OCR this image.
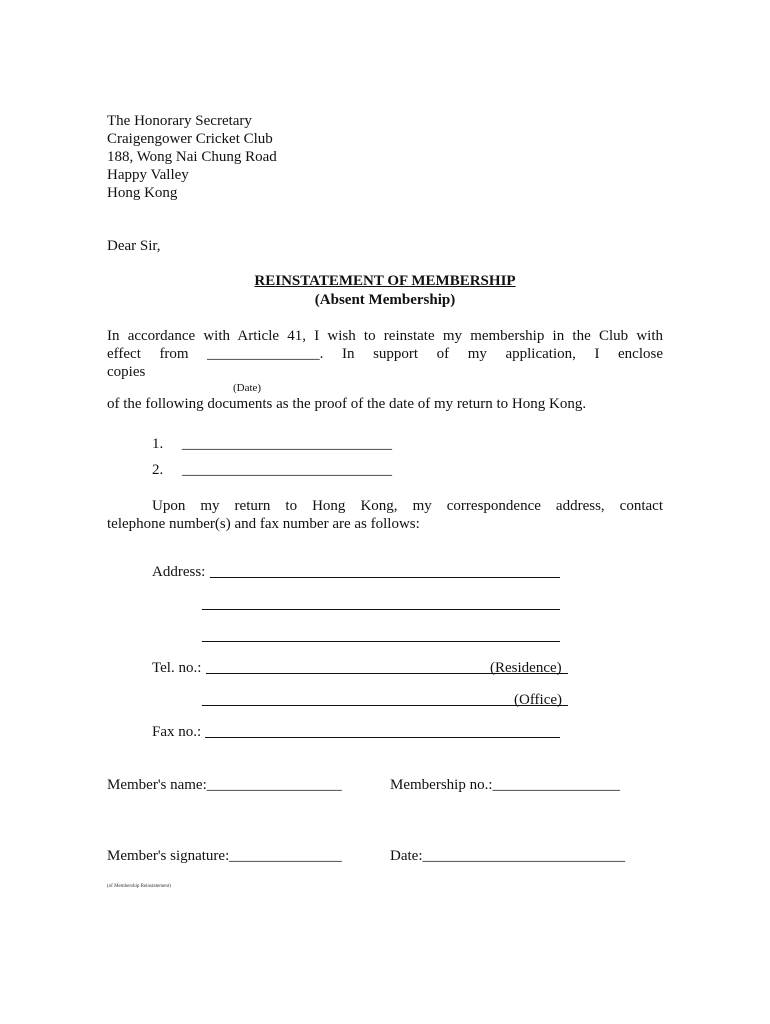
The Honorary Secretary
Craigengower Cricket Club
188, Wong Nai Chung Road
Happy Valley
Hong Kong
Dear Sir,
REINSTATEMENT OF MEMBERSHIP
(Absent Membership)
In accordance with Article 41, I wish to reinstate my membership in the Club with
effect from _______________. In support of my application, I enclose
copies
(Date)
of the following documents as the proof of the date of my return to Hong Kong.
1. ____________________________
2. ____________________________
Upon my return to Hong Kong, my correspondence address, contact
telephone number(s) and fax number are as follows:
Address:
Tel. no.:	(Residence)
(Office)
Fax no.:
Member's name:__________________	Membership no.:_________________
Member's signature:_______________	Date:___________________________
(of Membership Reinstatement)
